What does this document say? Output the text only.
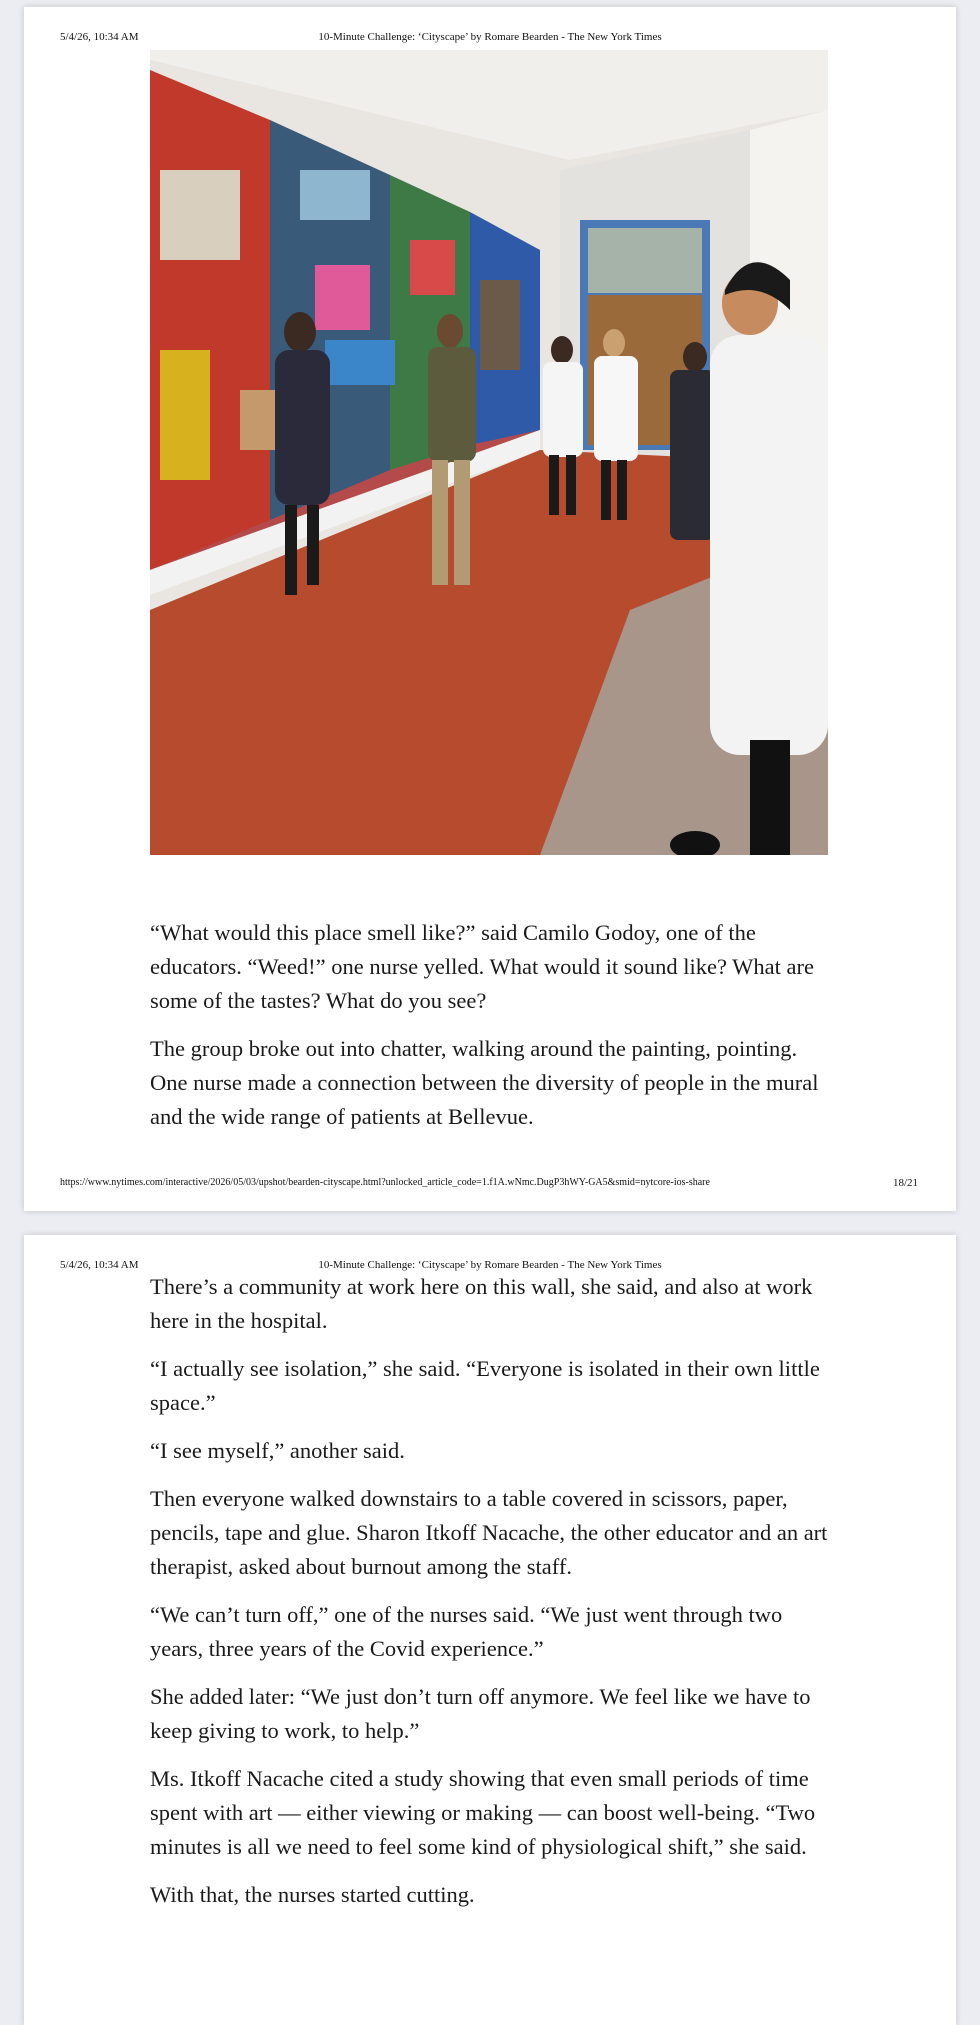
5/4/26, 10:34 AM	10-Minute Challenge: ‘Cityscape’ by Romare Bearden - The New York Times

“What would this place smell like?” said Camilo Godoy, one of the educators. “Weed!” one nurse yelled. What would it sound like? What are some of the tastes? What do you see?

The group broke out into chatter, walking around the painting, pointing. One nurse made a connection between the diversity of people in the mural and the wide range of patients at Bellevue.

https://www.nytimes.com/interactive/2026/05/03/upshot/bearden-cityscape.html?unlocked_article_code=1.f1A.wNmc.DugP3hWY-GA5&smid=nytcore-ios-share	18/21
5/4/26, 10:34 AM	10-Minute Challenge: ‘Cityscape’ by Romare Bearden - The New York Times

There’s a community at work here on this wall, she said, and also at work here in the hospital.

“I actually see isolation,” she said. “Everyone is isolated in their own little space.”

“I see myself,” another said.

Then everyone walked downstairs to a table covered in scissors, paper, pencils, tape and glue. Sharon Itkoff Nacache, the other educator and an art therapist, asked about burnout among the staff.

“We can’t turn off,” one of the nurses said. “We just went through two years, three years of the Covid experience.”

She added later: “We just don’t turn off anymore. We feel like we have to keep giving to work, to help.”

Ms. Itkoff Nacache cited a study showing that even small periods of time spent with art — either viewing or making — can boost well-being. “Two minutes is all we need to feel some kind of physiological shift,” she said.

With that, the nurses started cutting.
